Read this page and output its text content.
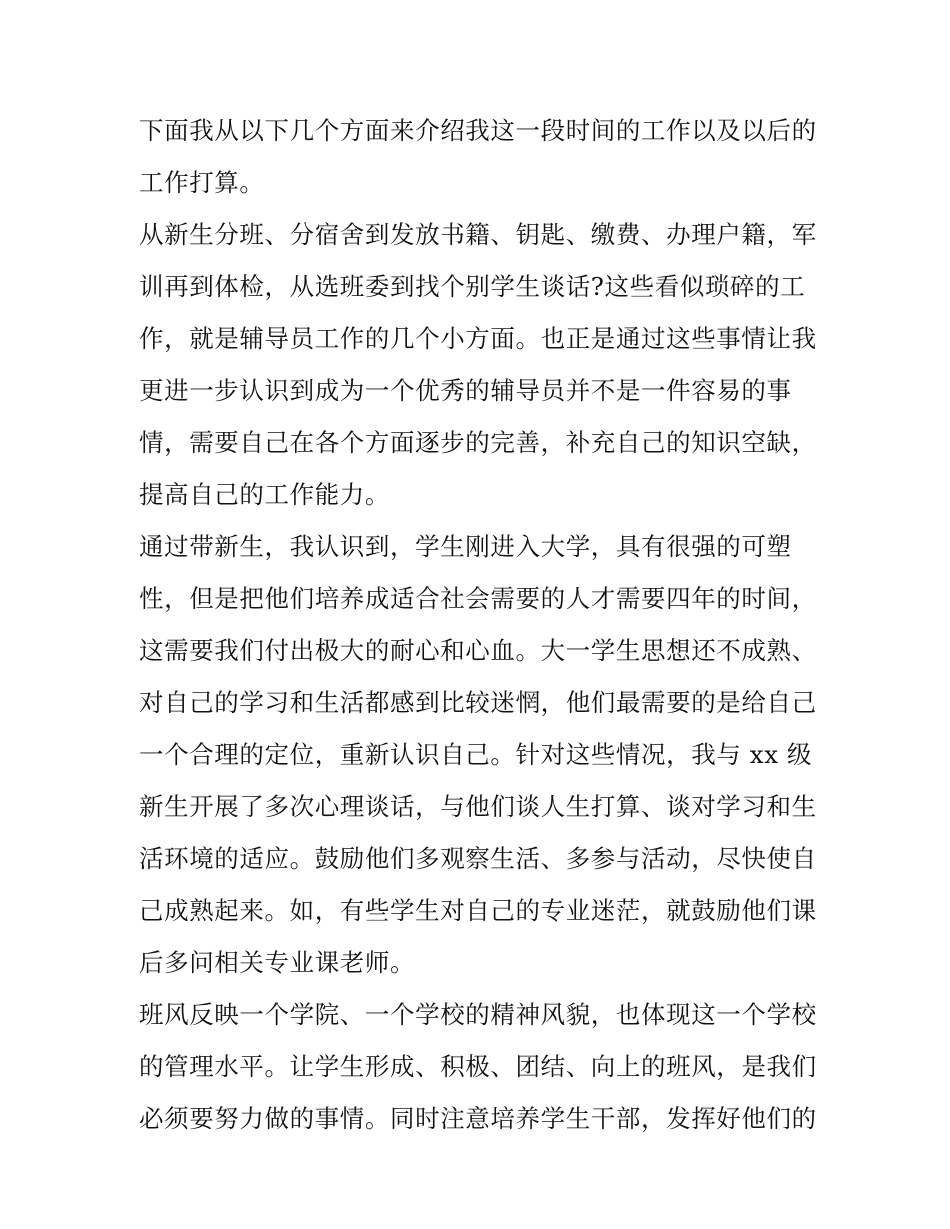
下面我从以下几个方面来介绍我这一段时间的工作以及以后的
工作打算。
从新生分班、分宿舍到发放书籍、钥匙、缴费、办理户籍，军
训再到体检，从选班委到找个别学生谈话?这些看似琐碎的工
作，就是辅导员工作的几个小方面。也正是通过这些事情让我
更进一步认识到成为一个优秀的辅导员并不是一件容易的事
情，需要自己在各个方面逐步的完善，补充自己的知识空缺，
提高自己的工作能力。
通过带新生，我认识到，学生刚进入大学，具有很强的可塑
性，但是把他们培养成适合社会需要的人才需要四年的时间，
这需要我们付出极大的耐心和心血。大一学生思想还不成熟、
对自己的学习和生活都感到比较迷惘，他们最需要的是给自己
一个合理的定位，重新认识自己。针对这些情况，我与 xx 级
新生开展了多次心理谈话，与他们谈人生打算、谈对学习和生
活环境的适应。鼓励他们多观察生活、多参与活动，尽快使自
己成熟起来。如，有些学生对自己的专业迷茫，就鼓励他们课
后多问相关专业课老师。
班风反映一个学院、一个学校的精神风貌，也体现这一个学校
的管理水平。让学生形成、积极、团结、向上的班风，是我们
必须要努力做的事情。同时注意培养学生干部，发挥好他们的
